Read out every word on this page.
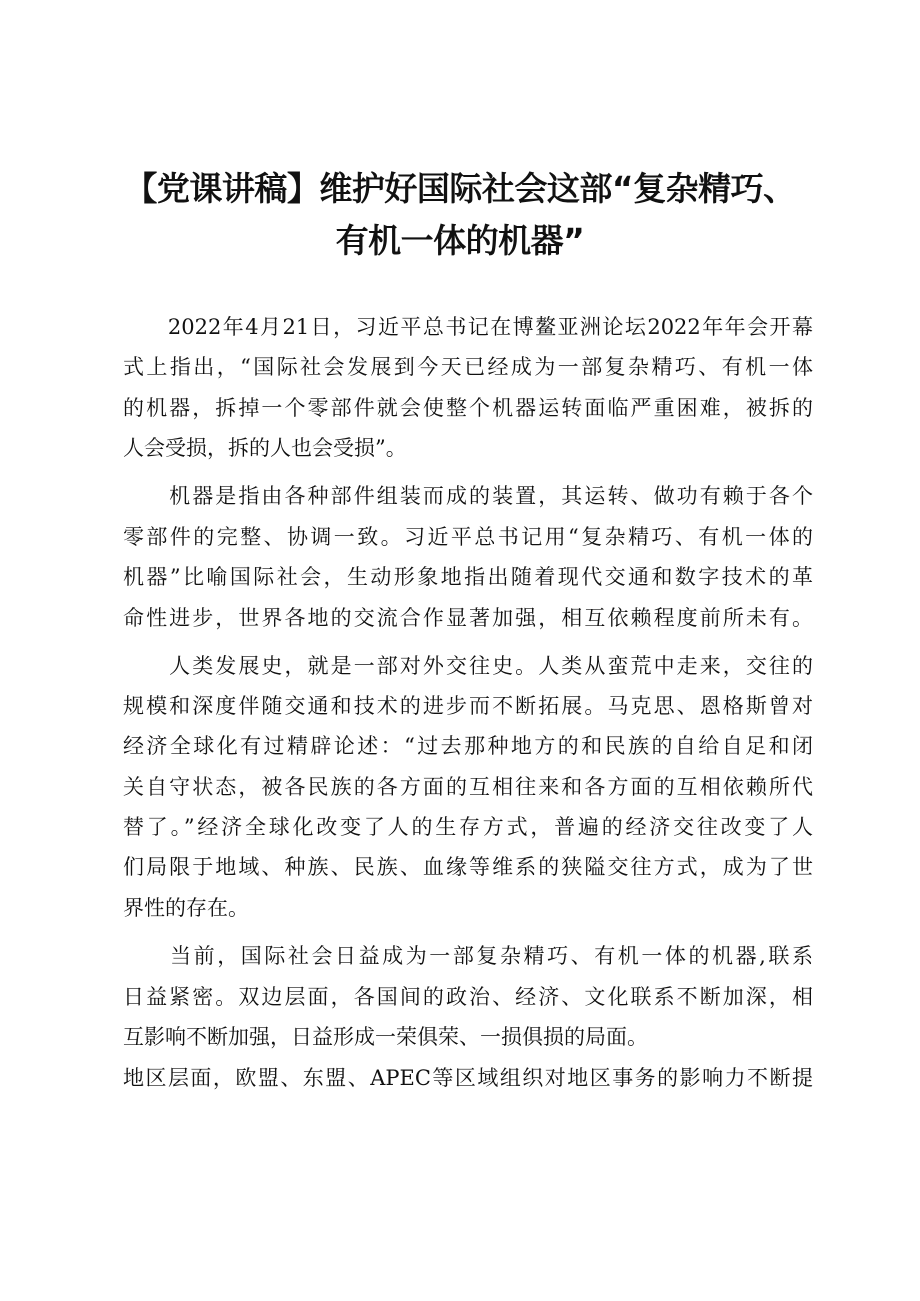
【党课讲稿】维护好国际社会这部“复杂精巧、
有机一体的机器”

　　2022年4月21日，习近平总书记在博鳌亚洲论坛2022年年会开幕

式上指出，“国际社会发展到今天已经成为一部复杂精巧、有机一体

的机器，拆掉一个零部件就会使整个机器运转面临严重困难，被拆的

人会受损，拆的人也会受损”。

　　机器是指由各种部件组装而成的装置，其运转、做功有赖于各个

零部件的完整、协调一致。习近平总书记用“复杂精巧、有机一体的

机器”比喻国际社会，生动形象地指出随着现代交通和数字技术的革

命性进步，世界各地的交流合作显著加强，相互依赖程度前所未有。

　　人类发展史，就是一部对外交往史。人类从蛮荒中走来，交往的

规模和深度伴随交通和技术的进步而不断拓展。马克思、恩格斯曾对

经济全球化有过精辟论述：“过去那种地方的和民族的自给自足和闭

关自守状态，被各民族的各方面的互相往来和各方面的互相依赖所代

替了。”经济全球化改变了人的生存方式，普遍的经济交往改变了人

们局限于地域、种族、民族、血缘等维系的狭隘交往方式，成为了世

界性的存在。

　　当前，国际社会日益成为一部复杂精巧、有机一体的机器,联系

日益紧密。双边层面，各国间的政治、经济、文化联系不断加深，相

互影响不断加强，日益形成一荣俱荣、一损俱损的局面。

地区层面，欧盟、东盟、APEC等区域组织对地区事务的影响力不断提
